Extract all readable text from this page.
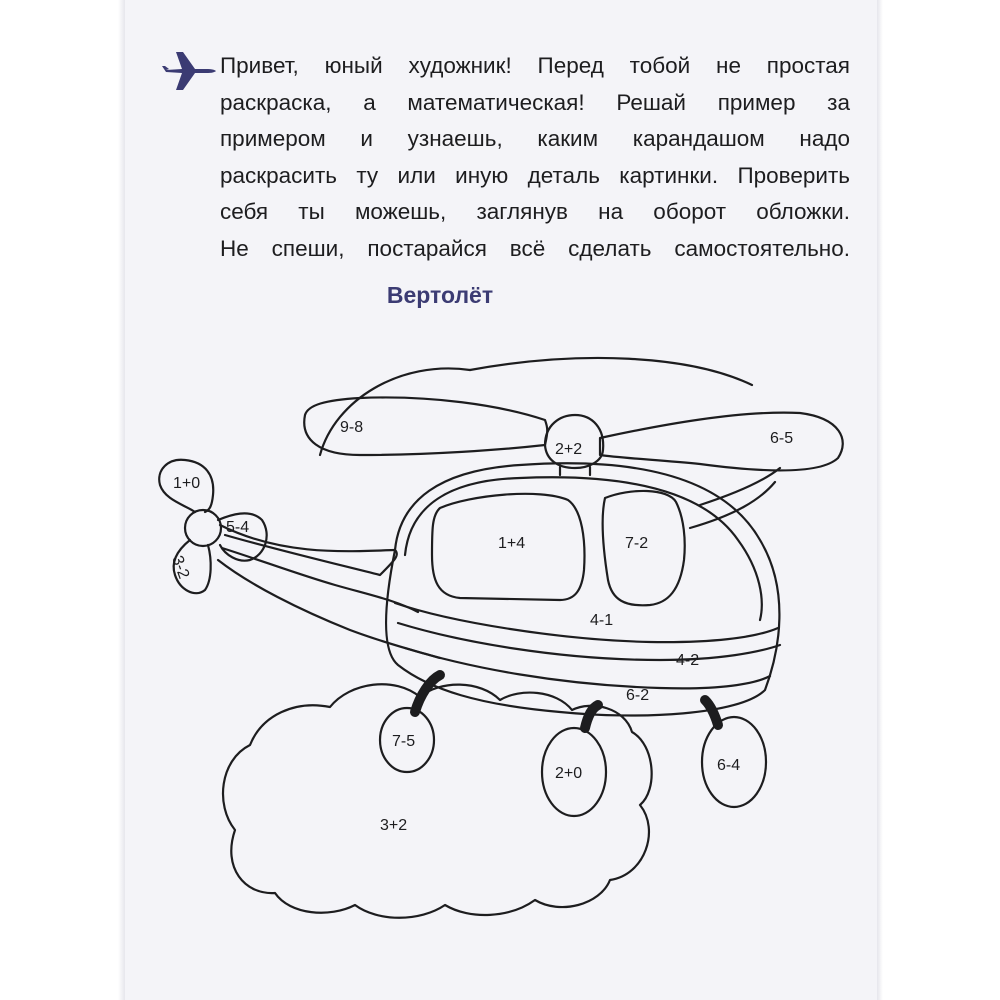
Привет, юный художник! Перед тобой не простая
раскраска, а математическая! Решай пример за
примером и узнаешь, каким карандашом надо
раскрасить ту или иную деталь картинки. Проверить
себя ты можешь, заглянув на оборот обложки.
Не спеши, постарайся всё сделать самостоятельно.
Вертолёт
9-8
2+2
6-5
1+0
5-4
3-2
1+4	7-2
4-1
4-2
6-2
7-5
2+0	6-4
3+2
